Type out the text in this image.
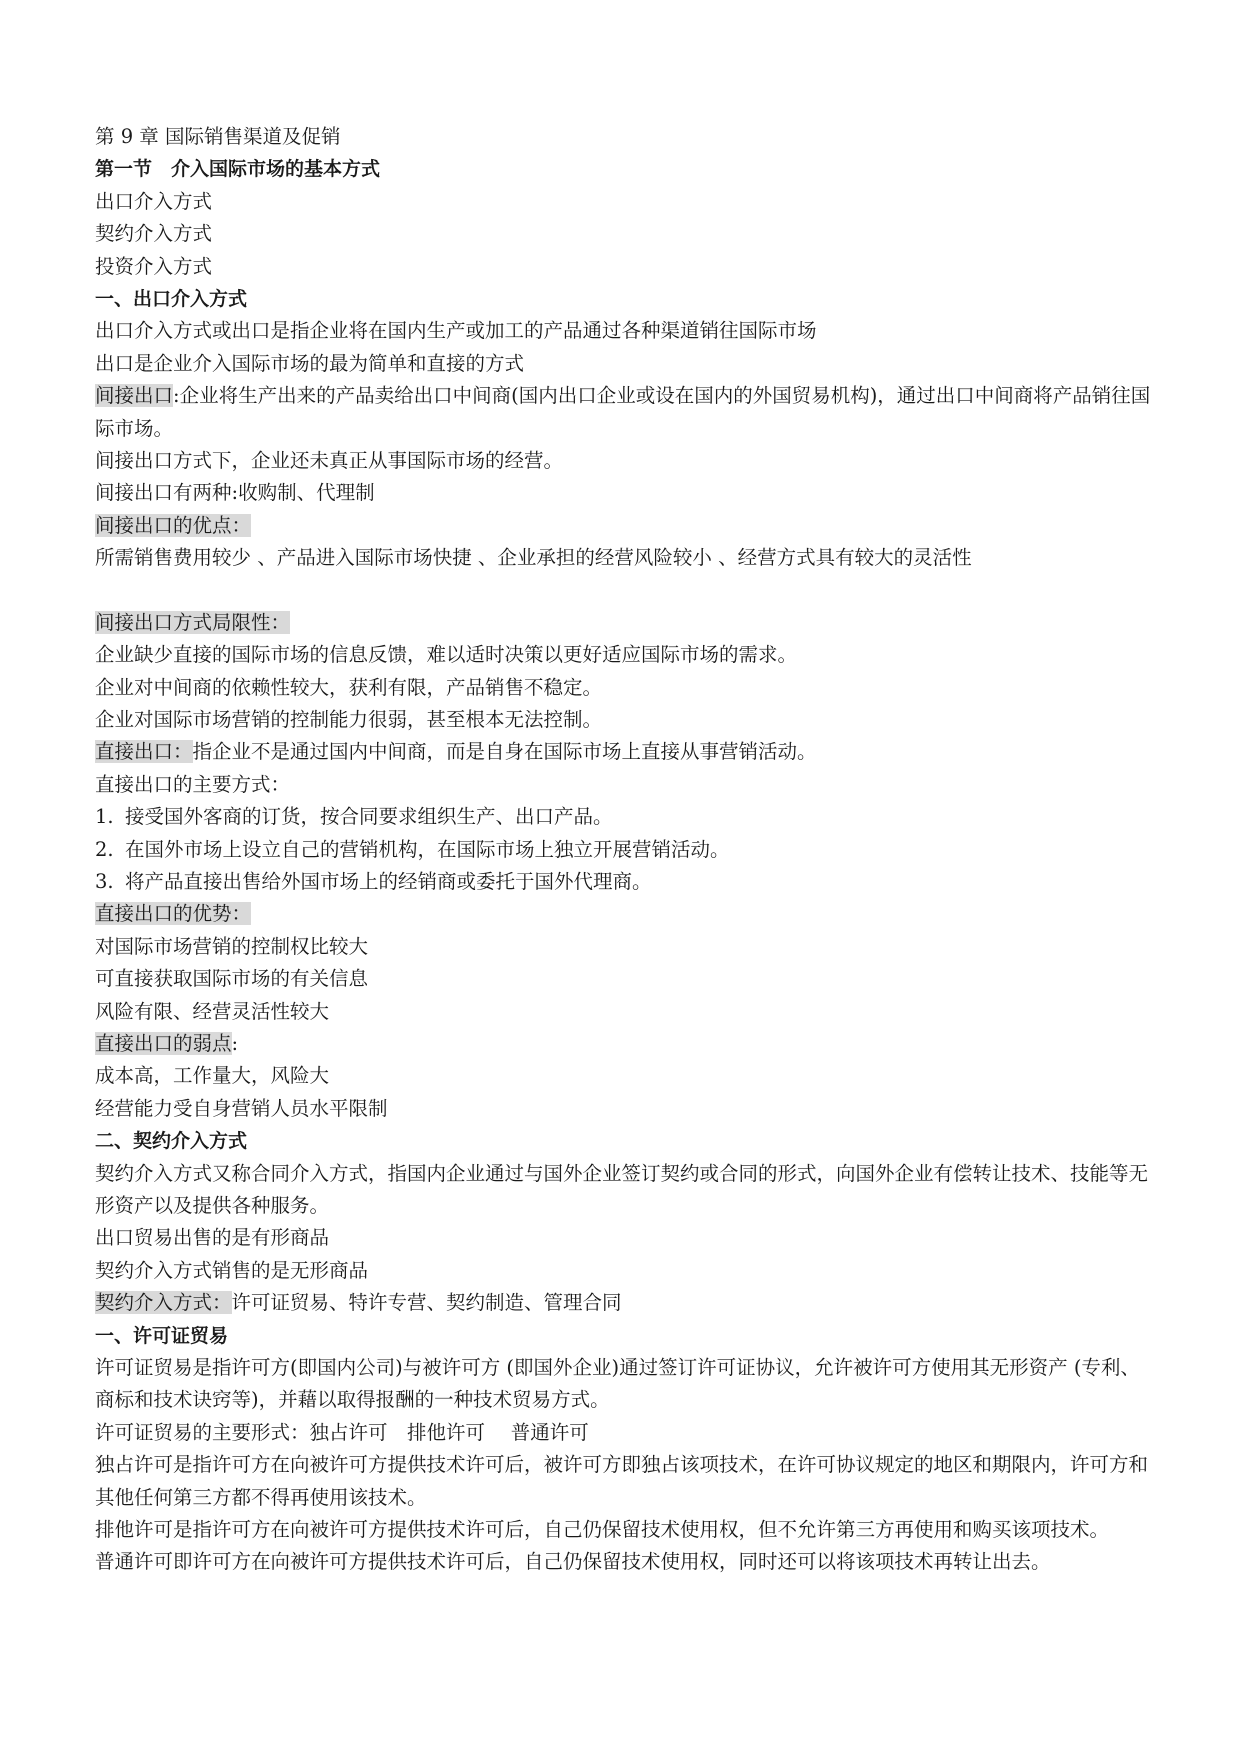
第 9 章 国际销售渠道及促销
第一节　介入国际市场的基本方式
出口介入方式
契约介入方式
投资介入方式
一、出口介入方式
出口介入方式或出口是指企业将在国内生产或加工的产品通过各种渠道销往国际市场
出口是企业介入国际市场的最为简单和直接的方式
间接出口:企业将生产出来的产品卖给出口中间商(国内出口企业或设在国内的外国贸易机构)，通过出口中间商将产品销往国际市场。
间接出口方式下，企业还未真正从事国际市场的经营。
间接出口有两种:收购制、代理制
间接出口的优点：
所需销售费用较少 、产品进入国际市场快捷 、企业承担的经营风险较小 、经营方式具有较大的灵活性
间接出口方式局限性：
企业缺少直接的国际市场的信息反馈，难以适时决策以更好适应国际市场的需求。
企业对中间商的依赖性较大，获利有限，产品销售不稳定。
企业对国际市场营销的控制能力很弱，甚至根本无法控制。
直接出口：指企业不是通过国内中间商，而是自身在国际市场上直接从事营销活动。
直接出口的主要方式：
1. 接受国外客商的订货，按合同要求组织生产、出口产品。
2. 在国外市场上设立自己的营销机构，在国际市场上独立开展营销活动。
3. 将产品直接出售给外国市场上的经销商或委托于国外代理商。
直接出口的优势：
对国际市场营销的控制权比较大
可直接获取国际市场的有关信息
风险有限、经营灵活性较大
直接出口的弱点:
成本高，工作量大，风险大
经营能力受自身营销人员水平限制
二、契约介入方式
契约介入方式又称合同介入方式，指国内企业通过与国外企业签订契约或合同的形式，向国外企业有偿转让技术、技能等无形资产以及提供各种服务。
出口贸易出售的是有形商品
契约介入方式销售的是无形商品
契约介入方式：许可证贸易、特许专营、契约制造、管理合同
一、许可证贸易
许可证贸易是指许可方(即国内公司)与被许可方 (即国外企业)通过签订许可证协议，允许被许可方使用其无形资产 (专利、商标和技术诀窍等)，并藉以取得报酬的一种技术贸易方式。
许可证贸易的主要形式：独占许可　排他许可　 普通许可
独占许可是指许可方在向被许可方提供技术许可后，被许可方即独占该项技术，在许可协议规定的地区和期限内，许可方和其他任何第三方都不得再使用该技术。
排他许可是指许可方在向被许可方提供技术许可后，自己仍保留技术使用权，但不允许第三方再使用和购买该项技术。
普通许可即许可方在向被许可方提供技术许可后，自己仍保留技术使用权，同时还可以将该项技术再转让出去。
